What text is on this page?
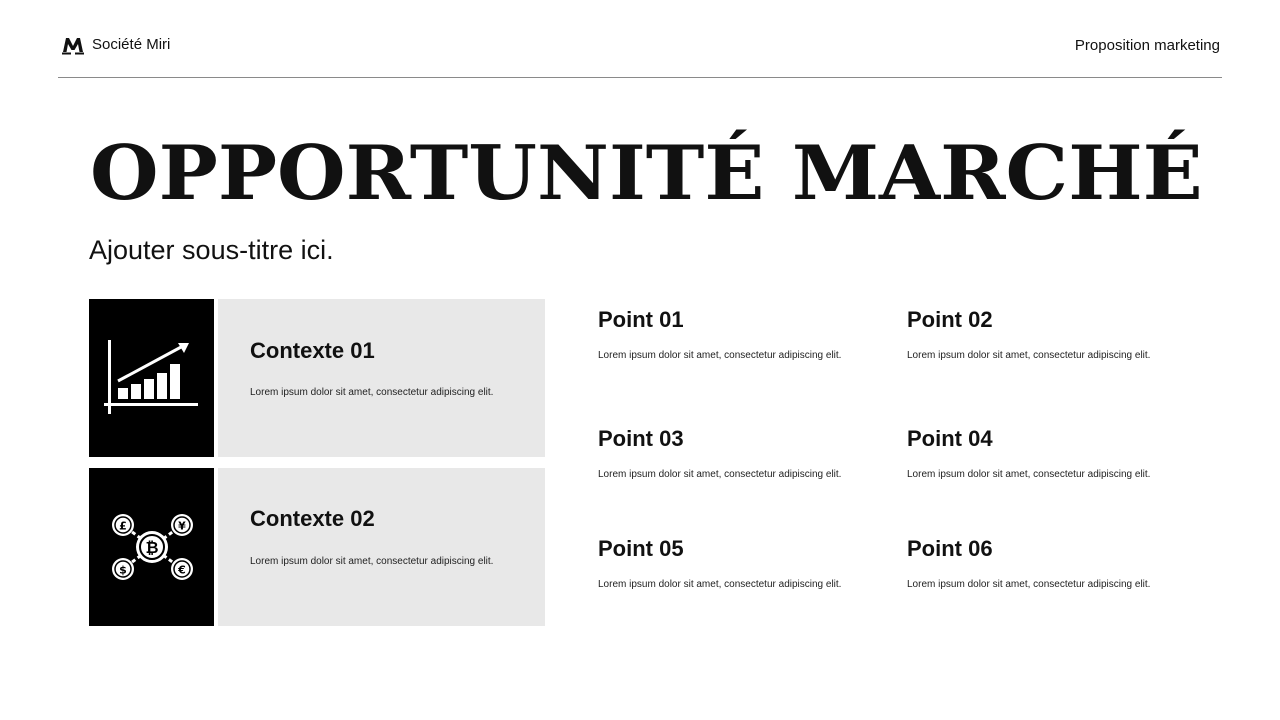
Société Miri	Proposition marketing
OPPORTUNITÉ MARCHÉ
Ajouter sous-titre ici.
Contexte 01
Lorem ipsum dolor sit amet, consectetur adipiscing elit.
₿
£	¥
$	€
Contexte 02
Lorem ipsum dolor sit amet, consectetur adipiscing elit.
Point 01
Lorem ipsum dolor sit amet, consectetur adipiscing elit.
Point 02
Lorem ipsum dolor sit amet, consectetur adipiscing elit.
Point 03
Lorem ipsum dolor sit amet, consectetur adipiscing elit.
Point 04
Lorem ipsum dolor sit amet, consectetur adipiscing elit.
Point 05
Lorem ipsum dolor sit amet, consectetur adipiscing elit.
Point 06
Lorem ipsum dolor sit amet, consectetur adipiscing elit.
